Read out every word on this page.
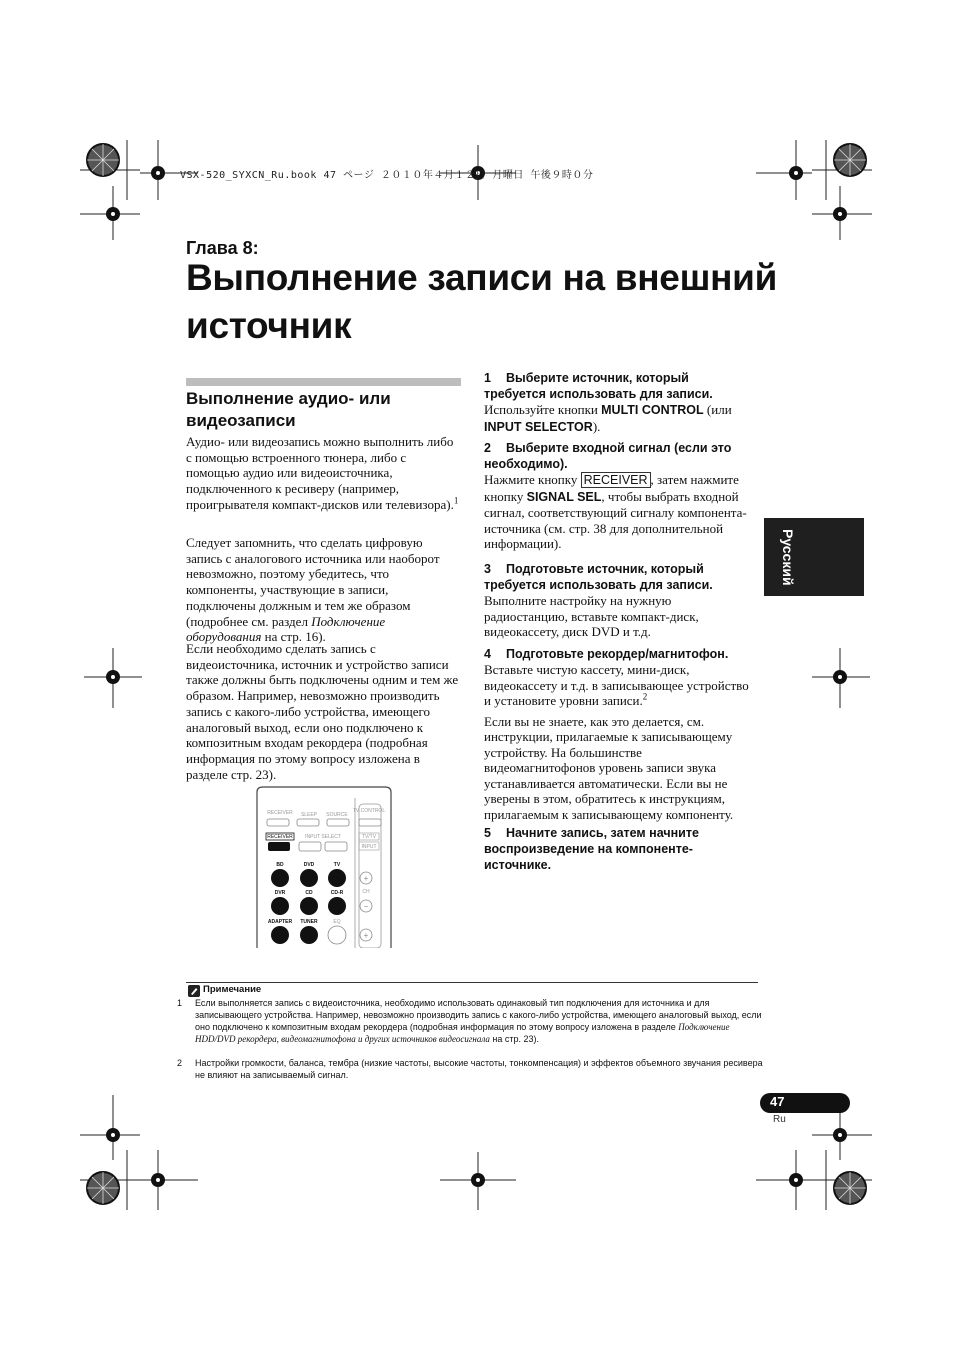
VSX-520_SYXCN_Ru.book 47 ページ ２０１０年４月１２日 月曜日 午後９時０分
Глава 8:
Выполнение записи на внешний источник
Выполнение аудио- или видеозаписи
Аудио- или видеозапись можно выполнить либо с помощью встроенного тюнера, либо с помощью аудио или видеоисточника, подключенного к ресиверу (например, проигрывателя компакт-дисков или телевизора).$^1$
Следует запомнить, что сделать цифровую запись с аналогового источника или наоборот невозможно, поэтому убедитесь, что компоненты, участвующие в записи, подключены должным и тем же образом (подробнее см. раздел Подключение оборудования на стр. 16).
Если необходимо сделать запись с видеоисточника, источник и устройство записи также должны быть подключены одним и тем же образом. Например, невозможно производить запись с какого-либо устройства, имеющего аналоговый выход, если оно подключено к композитным входам рекордера (подробная информация по этому вопросу изложена в разделе стр. 23).
RECEIVER SLEEP SOURCE
TV CONTROL
RECEIVER INPUT SELECT	TV/TV
INPUT
BD	DVD	TV
DVR	CD	CD-R
ADAPTER TUNER	EQ
+
CH
−
+
1 Выберите источник, который требуется использовать для записи.
Используйте кнопки MULTI CONTROL (или INPUT SELECTOR).
2 Выберите входной сигнал (если это необходимо).
Нажмите кнопку RECEIVER , затем нажмите кнопку SIGNAL SEL, чтобы выбрать входной сигнал, соответствующий сигналу компонента-источника (см. стр. 38 для дополнительной информации).
3 Подготовьте источник, который требуется использовать для записи.
Выполните настройку на нужную радиостанцию, вставьте компакт-диск, видеокассету, диск DVD и т.д.
4 Подготовьте рекордер/магнитофон.
Вставьте чистую кассету, мини-диск, видеокассету и т.д. в записывающее устройство и установите уровни записи.$^2$
Если вы не знаете, как это делается, см. инструкции, прилагаемые к записывающему устройству. На большинстве видеомагнитофонов уровень записи звука устанавливается автоматически. Если вы не уверены в этом, обратитесь к инструкциям, прилагаемым к записывающему компоненту.
5 Начните запись, затем начните воспроизведение на компоненте-источнике.
Русский
Примечание
1 Если выполняется запись с видеоисточника, необходимо использовать одинаковый тип подключения для источника и для записывающего устройства. Например, невозможно производить запись с какого-либо устройства, имеющего аналоговый выход, если оно подключено к композитным входам рекордера (подробная информация по этому вопросу изложена в разделе Подключение HDD/DVD рекордера, видеомагнитофона и других источников видеосигнала на стр. 23).
2 Настройки громкости, баланса, тембра (низкие частоты, высокие частоты, тонкомпенсация) и эффектов объемного звучания ресивера не влияют на записываемый сигнал.
47
Ru
